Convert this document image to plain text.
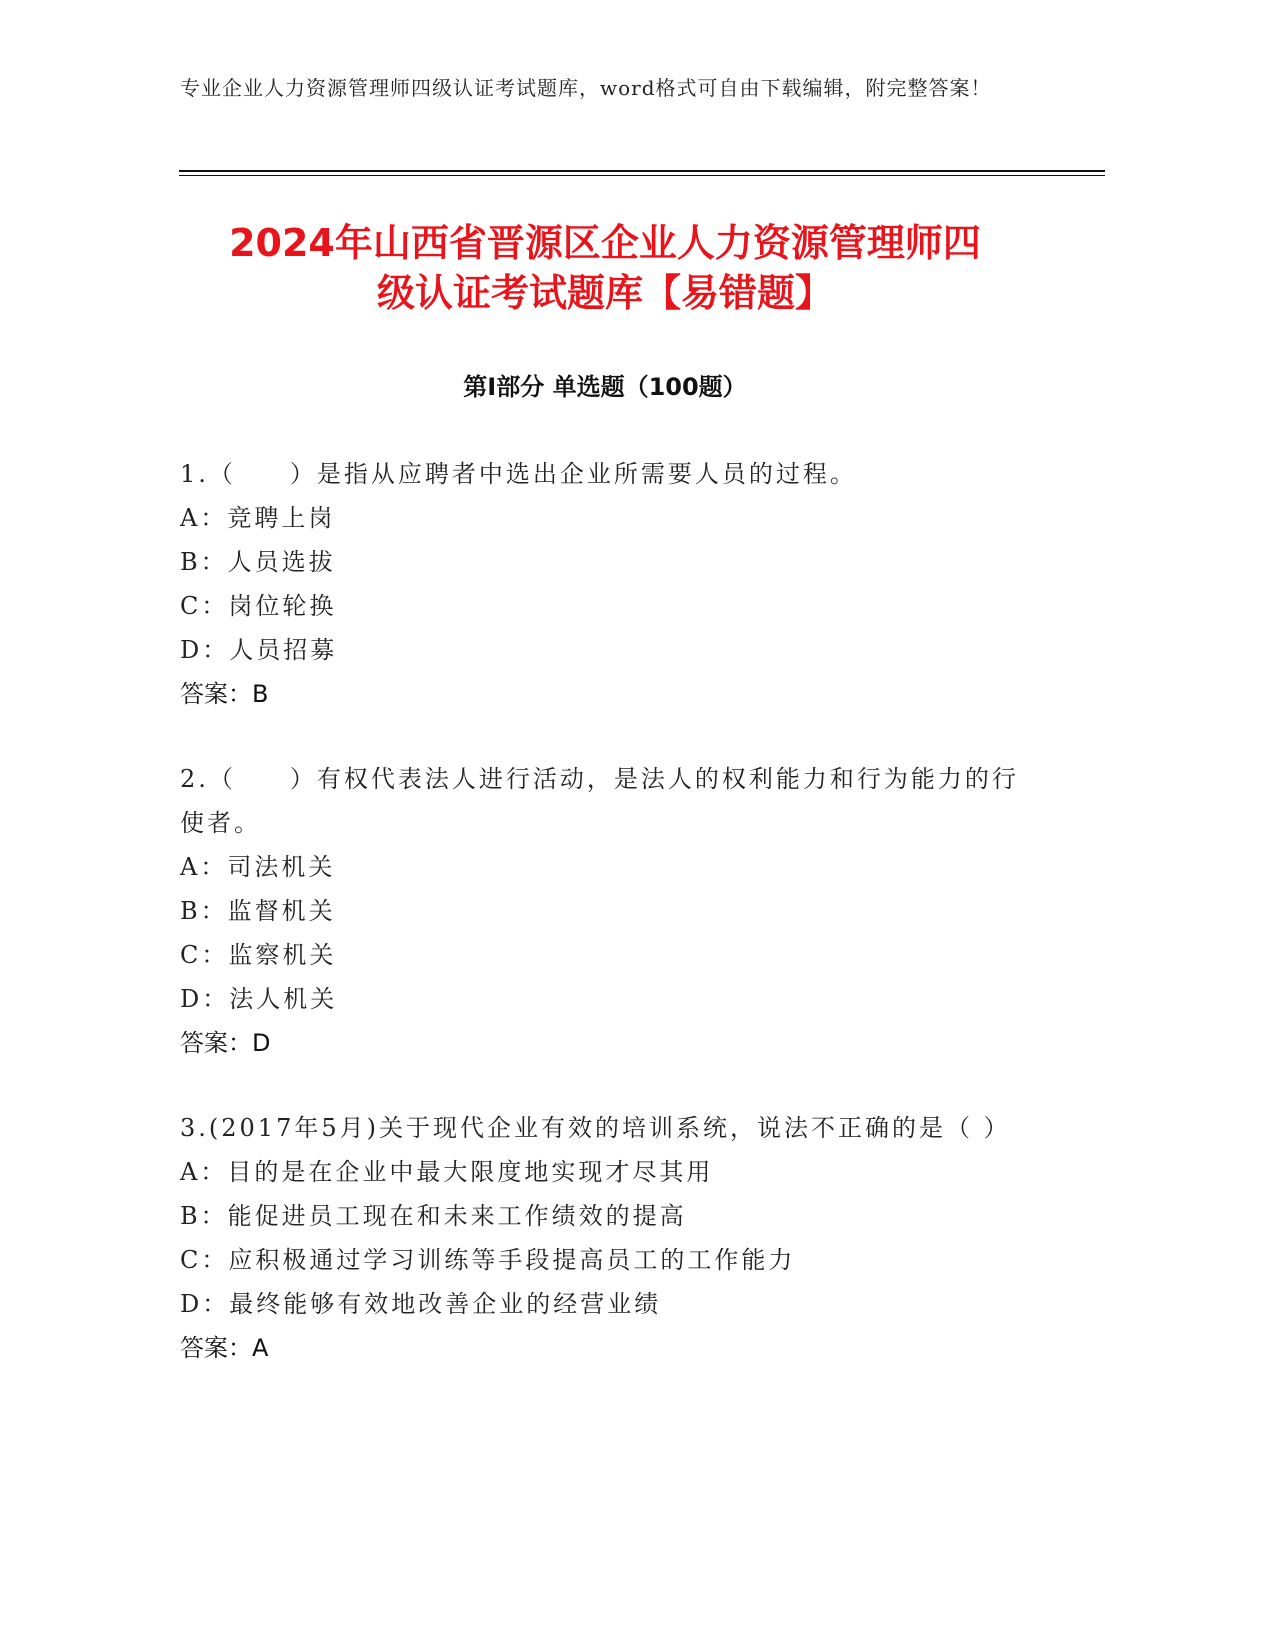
专业企业人力资源管理师四级认证考试题库，word格式可自由下载编辑，附完整答案！
2024年山西省晋源区企业人力资源管理师四
级认证考试题库【易错题】
第I部分 单选题（100题）
1.（　　）是指从应聘者中选出企业所需要人员的过程。
A：竞聘上岗
B：人员选拔
C：岗位轮换
D：人员招募
答案：B
2.（　　）有权代表法人进行活动，是法人的权利能力和行为能力的行使者。
A：司法机关
B：监督机关
C：监察机关
D：法人机关
答案：D
3.(2017年5月)关于现代企业有效的培训系统，说法不正确的是（ ）
A：目的是在企业中最大限度地实现才尽其用
B：能促进员工现在和未来工作绩效的提高
C：应积极通过学习训练等手段提高员工的工作能力
D：最终能够有效地改善企业的经营业绩
答案：A
